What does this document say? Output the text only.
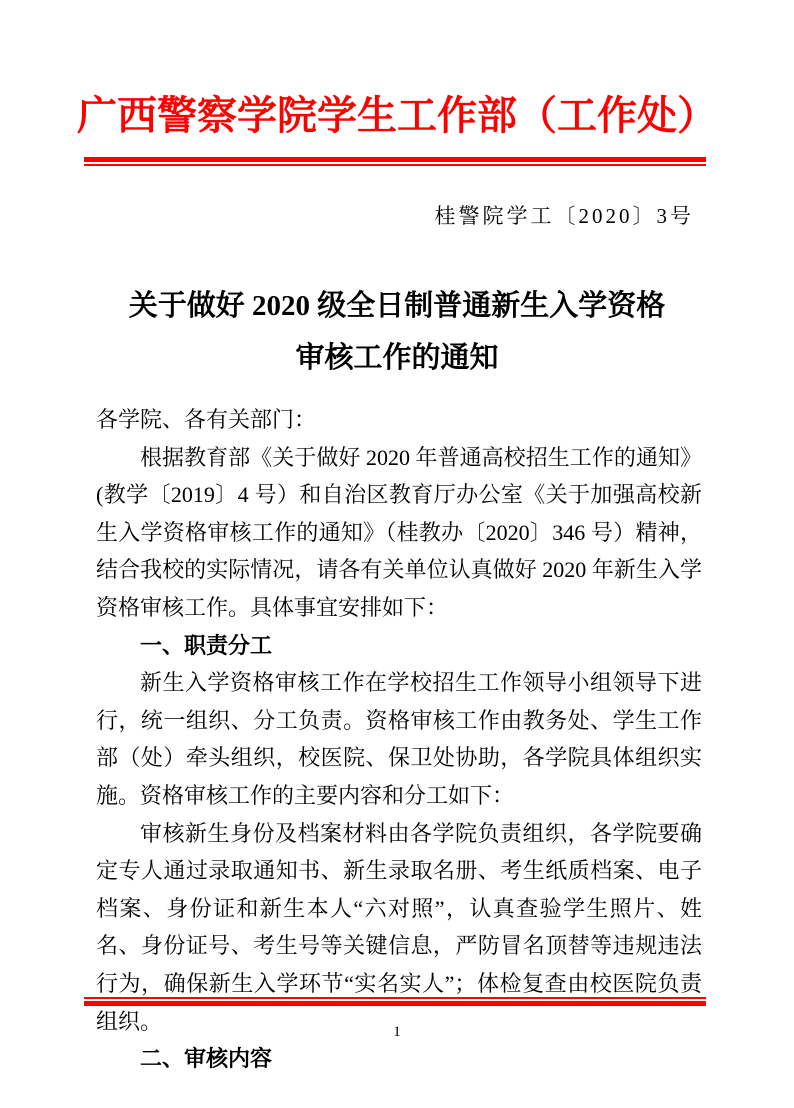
广西警察学院学生工作部（工作处）
桂警院学工〔2020〕3号
关于做好 2020 级全日制普通新生入学资格
审核工作的通知

各学院、各有关部门：

根据教育部《关于做好 2020 年普通高校招生工作的通知》(教学〔2019〕4 号）和自治区教育厅办公室《关于加强高校新生入学资格审核工作的通知》（桂教办〔2020〕346 号）精神，结合我校的实际情况，请各有关单位认真做好 2020 年新生入学资格审核工作。具体事宜安排如下：

一、职责分工

新生入学资格审核工作在学校招生工作领导小组领导下进行，统一组织、分工负责。资格审核工作由教务处、学生工作部（处）牵头组织，校医院、保卫处协助，各学院具体组织实施。资格审核工作的主要内容和分工如下：

审核新生身份及档案材料由各学院负责组织，各学院要确定专人通过录取通知书、新生录取名册、考生纸质档案、电子档案、身份证和新生本人“六对照”，认真查验学生照片、姓名、身份证号、考生号等关键信息，严防冒名顶替等违规违法行为，确保新生入学环节“实名实人”；体检复查由校医院负责组织。

二、审核内容

1
